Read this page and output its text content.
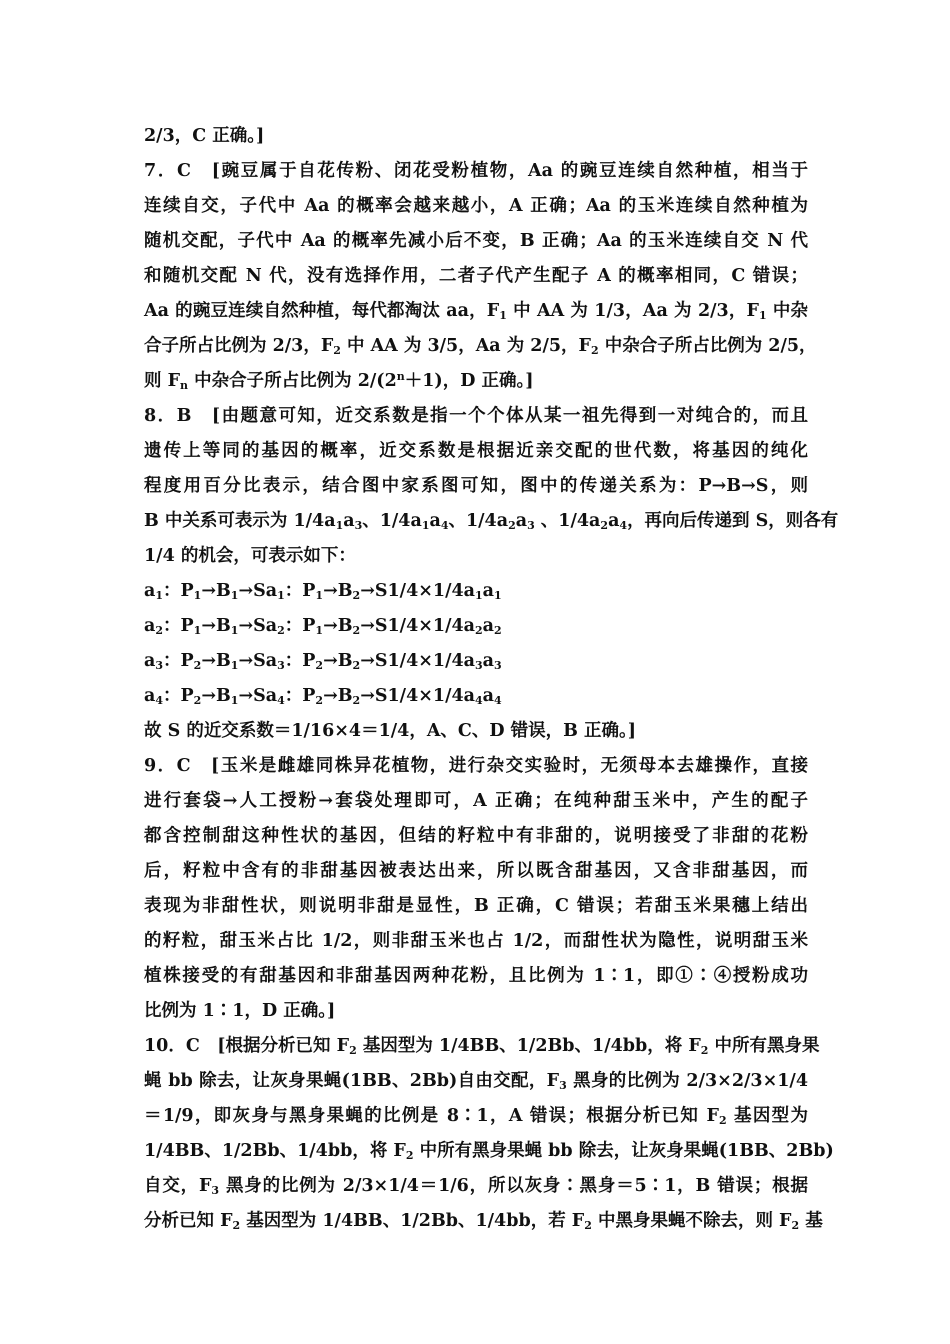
2/3，C 正确。]
7．C　[豌豆属于自花传粉、闭花受粉植物，Aa 的豌豆连续自然种植，相当于
连续自交，子代中 Aa 的概率会越来越小，A 正确；Aa 的玉米连续自然种植为
随机交配，子代中 Aa 的概率先减小后不变，B 正确；Aa 的玉米连续自交 N 代
和随机交配 N 代，没有选择作用，二者子代产生配子 A 的概率相同，C 错误；
Aa 的豌豆连续自然种植，每代都淘汰 aa，$F_1$ 中 AA 为 1/3，Aa 为 2/3，$F_1$ 中杂
合子所占比例为 2/3，$F_2$ 中 AA 为 3/5，Aa 为 2/5，$F_2$ 中杂合子所占比例为 2/5，
则 $F_n$ 中杂合子所占比例为 $2/(2^n+1)$，D 正确。]
8．B　[由题意可知，近交系数是指一个个体从某一祖先得到一对纯合的，而且
遗传上等同的基因的概率，近交系数是根据近亲交配的世代数，将基因的纯化
程度用百分比表示，结合图中家系图可知，图中的传递关系为：P→B→S，则
B 中关系可表示为 $1/4a_1a_3$、$1/4a_1a_4$、$1/4a_2a_3$ 、$1/4a_2a_4$，再向后传递到 S，则各有
1/4 的机会，可表示如下：
$a_1$：$P_1\to B_1\to Sa_1$：$P_1\to B_2\to S1/4\times 1/4a_1a_1$
$a_2$：$P_1\to B_1\to Sa_2$：$P_1\to B_2\to S1/4\times 1/4a_2a_2$
$a_3$：$P_2\to B_1\to Sa_3$：$P_2\to B_2\to S1/4\times 1/4a_3a_3$
$a_4$：$P_2\to B_1\to Sa_4$：$P_2\to B_2\to S1/4\times 1/4a_4a_4$
故 S 的近交系数＝1/16×4＝1/4，A、C、D 错误，B 正确。]
9．C　[玉米是雌雄同株异花植物，进行杂交实验时，无须母本去雄操作，直接
进行套袋→人工授粉→套袋处理即可，A 正确；在纯种甜玉米中，产生的配子
都含控制甜这种性状的基因，但结的籽粒中有非甜的，说明接受了非甜的花粉
后，籽粒中含有的非甜基因被表达出来，所以既含甜基因，又含非甜基因，而
表现为非甜性状，则说明非甜是显性，B 正确，C 错误；若甜玉米果穗上结出
的籽粒，甜玉米占比 1/2，则非甜玉米也占 1/2，而甜性状为隐性，说明甜玉米
植株接受的有甜基因和非甜基因两种花粉，且比例为 1∶1，即①∶④授粉成功
比例为 1∶1，D 正确。]
10．C　[根据分析已知 $F_2$ 基因型为 1/4BB、1/2Bb、1/4bb，将 $F_2$ 中所有黑身果
蝇 bb 除去，让灰身果蝇(1BB、2Bb)自由交配，$F_3$ 黑身的比例为 2/3×2/3×1/4
＝1/9，即灰身与黑身果蝇的比例是 8∶1，A 错误；根据分析已知 $F_2$ 基因型为
1/4BB、1/2Bb、1/4bb，将 $F_2$ 中所有黑身果蝇 bb 除去，让灰身果蝇(1BB、2Bb)
自交，$F_3$ 黑身的比例为 2/3×1/4＝1/6，所以灰身∶黑身＝5∶1，B 错误；根据
分析已知 $F_2$ 基因型为 1/4BB、1/2Bb、1/4bb，若 $F_2$ 中黑身果蝇不除去，则 $F_2$ 基
